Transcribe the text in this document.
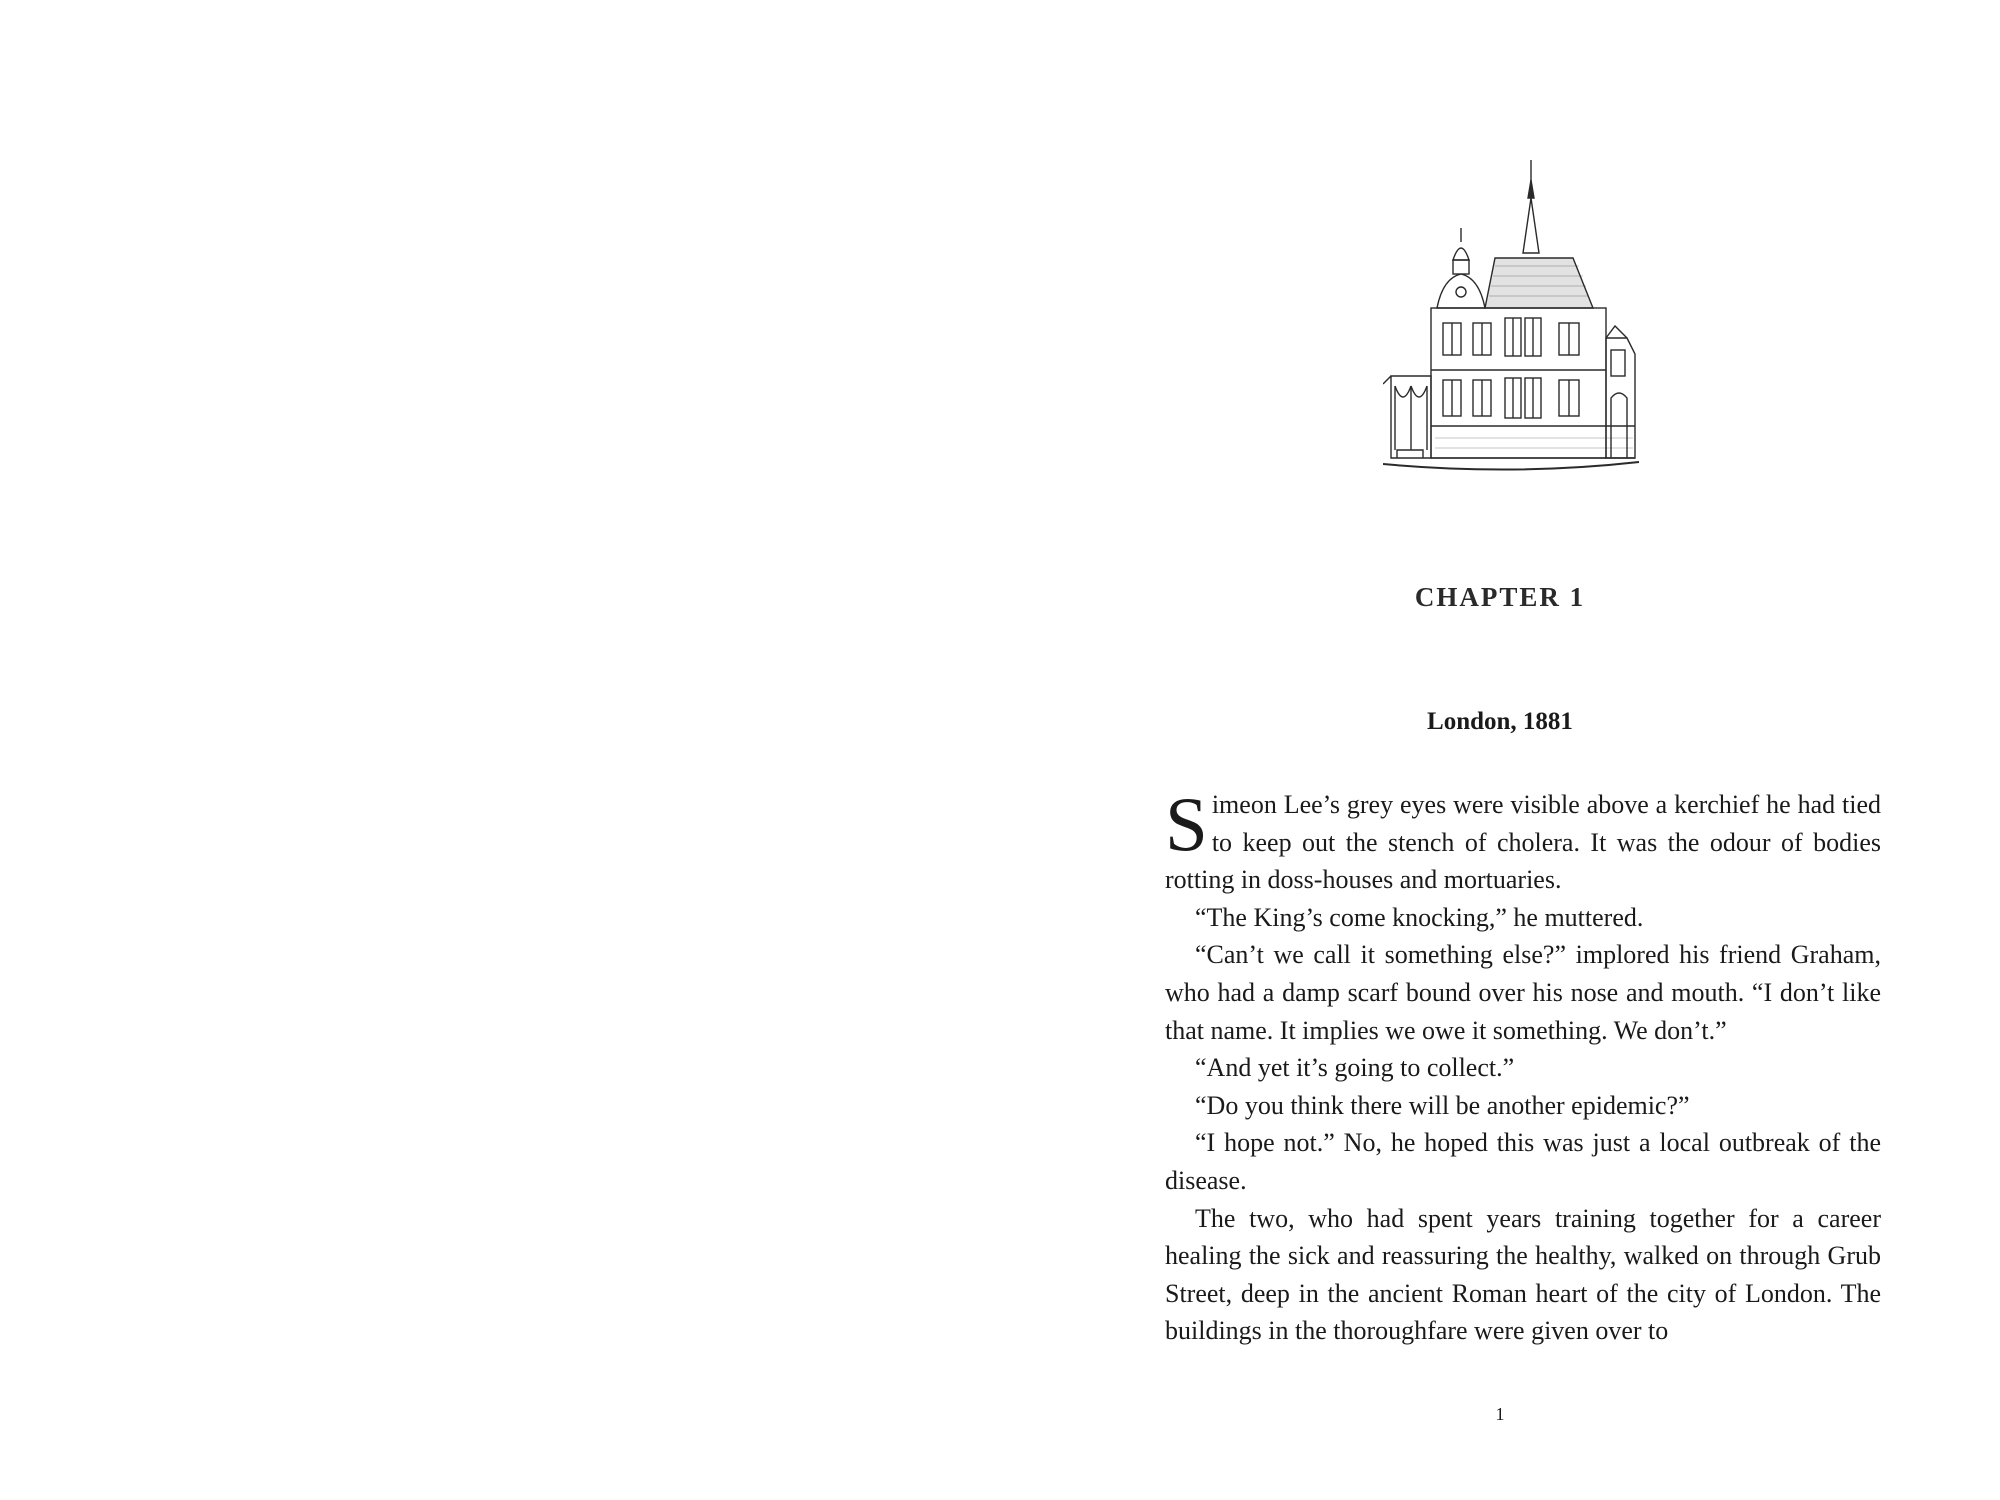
CHAPTER 1
London, 1881

Simeon Lee’s grey eyes were visible above a kerchief he had tied to keep out the stench of cholera. It was the odour of bodies rotting in doss-houses and mortuaries.

“The King’s come knocking,” he muttered.

“Can’t we call it something else?” implored his friend Graham, who had a damp scarf bound over his nose and mouth. “I don’t like that name. It implies we owe it something. We don’t.”

“And yet it’s going to collect.”

“Do you think there will be another epidemic?”

“I hope not.” No, he hoped this was just a local outbreak of the disease.

The two, who had spent years training together for a career healing the sick and reassuring the healthy, walked on through Grub Street, deep in the ancient Roman heart of the city of London. The buildings in the thoroughfare were given over to

1
